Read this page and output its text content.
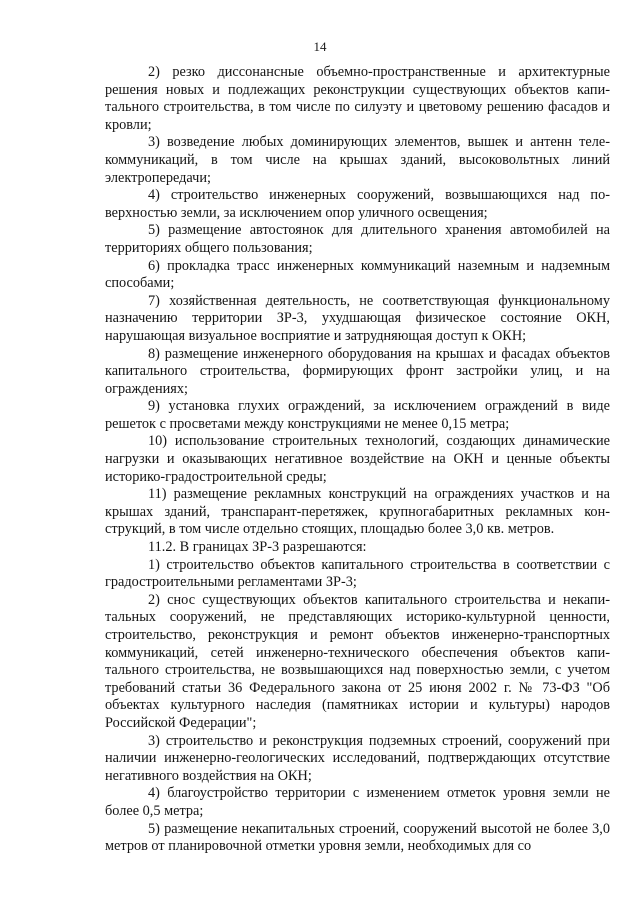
14

2) резко диссонансные объемно-пространственные и архитектурные решения новых и подлежащих реконструкции существующих объектов капитального строительства, в том числе по силуэту и цветовому решению фасадов и кровли;

3) возведение любых доминирующих элементов, вышек и антенн телекоммуникаций, в том числе на крышах зданий, высоковольтных линий электропередачи;

4) строительство инженерных сооружений, возвышающихся над поверхностью земли, за исключением опор уличного освещения;

5) размещение автостоянок для длительного хранения автомобилей на территориях общего пользования;

6) прокладка трасс инженерных коммуникаций наземным и надземным способами;

7) хозяйственная деятельность, не соответствующая функциональному назначению территории ЗР-3, ухудшающая физическое состояние ОКН, нарушающая визуальное восприятие и затрудняющая доступ к ОКН;

8) размещение инженерного оборудования на крышах и фасадах объектов капитального строительства, формирующих фронт застройки улиц, и на ограждениях;

9) установка глухих ограждений, за исключением ограждений в виде решеток с просветами между конструкциями не менее 0,15 метра;

10) использование строительных технологий, создающих динамические нагрузки и оказывающих негативное воздействие на ОКН и ценные объекты историко-градостроительной среды;

11) размещение рекламных конструкций на ограждениях участков и на крышах зданий, транспарант-перетяжек, крупногабаритных рекламных конструкций, в том числе отдельно стоящих, площадью более 3,0 кв. метров.

11.2. В границах ЗР-3 разрешаются:

1) строительство объектов капитального строительства в соответствии с градостроительными регламентами ЗР-3;

2) снос существующих объектов капитального строительства и некапитальных сооружений, не представляющих историко-культурной ценности, строительство, реконструкция и ремонт объектов инженерно-транспортных коммуникаций, сетей инженерно-технического обеспечения объектов капитального строительства, не возвышающихся над поверхностью земли, с учетом требований статьи 36 Федерального закона от 25 июня 2002 г. № 73-ФЗ "Об объектах культурного наследия (памятниках истории и культуры) народов Российской Федерации";

3) строительство и реконструкция подземных строений, сооружений при наличии инженерно-геологических исследований, подтверждающих отсутствие негативного воздействия на ОКН;

4) благоустройство территории с изменением отметок уровня земли не более 0,5 метра;

5) размещение некапитальных строений, сооружений высотой не более 3,0 метров от планировочной отметки уровня земли, необходимых для со
